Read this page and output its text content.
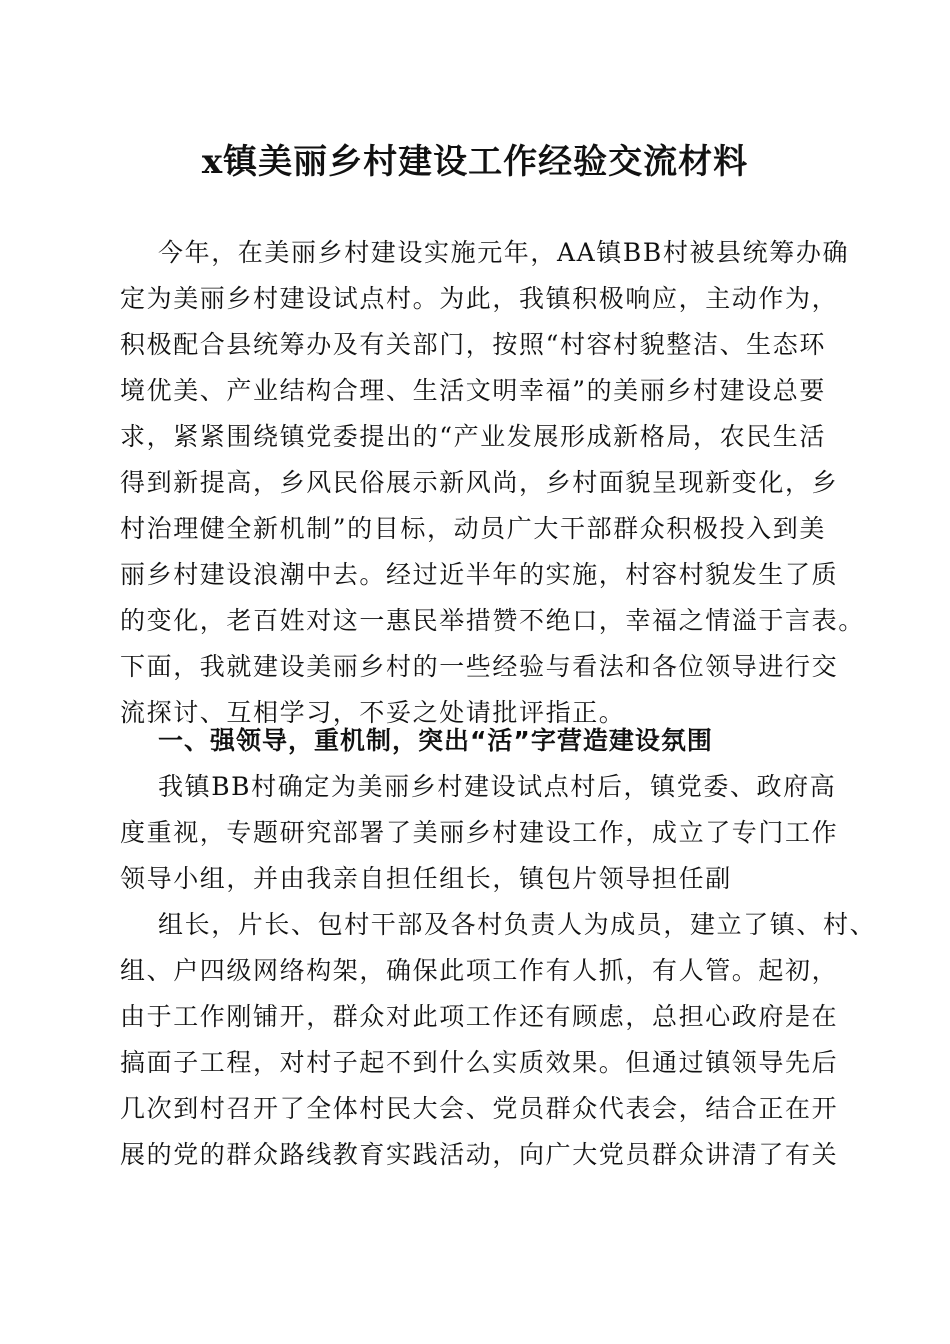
x镇美丽乡村建设工作经验交流材料
今年，在美丽乡村建设实施元年，AA镇BB村被县统筹办确
定为美丽乡村建设试点村。为此，我镇积极响应，主动作为，
积极配合县统筹办及有关部门，按照“村容村貌整洁、生态环
境优美、产业结构合理、生活文明幸福”的美丽乡村建设总要
求，紧紧围绕镇党委提出的“产业发展形成新格局，农民生活
得到新提高，乡风民俗展示新风尚，乡村面貌呈现新变化，乡
村治理健全新机制”的目标，动员广大干部群众积极投入到美
丽乡村建设浪潮中去。经过近半年的实施，村容村貌发生了质
的变化，老百姓对这一惠民举措赞不绝口，幸福之情溢于言表。
下面，我就建设美丽乡村的一些经验与看法和各位领导进行交
流探讨、互相学习，不妥之处请批评指正。
一、强领导，重机制，突出“活”字营造建设氛围
我镇BB村确定为美丽乡村建设试点村后，镇党委、政府高
度重视，专题研究部署了美丽乡村建设工作，成立了专门工作
领导小组，并由我亲自担任组长，镇包片领导担任副
组长，片长、包村干部及各村负责人为成员，建立了镇、村、
组、户四级网络构架，确保此项工作有人抓，有人管。起初，
由于工作刚铺开，群众对此项工作还有顾虑，总担心政府是在
搞面子工程，对村子起不到什么实质效果。但通过镇领导先后
几次到村召开了全体村民大会、党员群众代表会，结合正在开
展的党的群众路线教育实践活动，向广大党员群众讲清了有关
